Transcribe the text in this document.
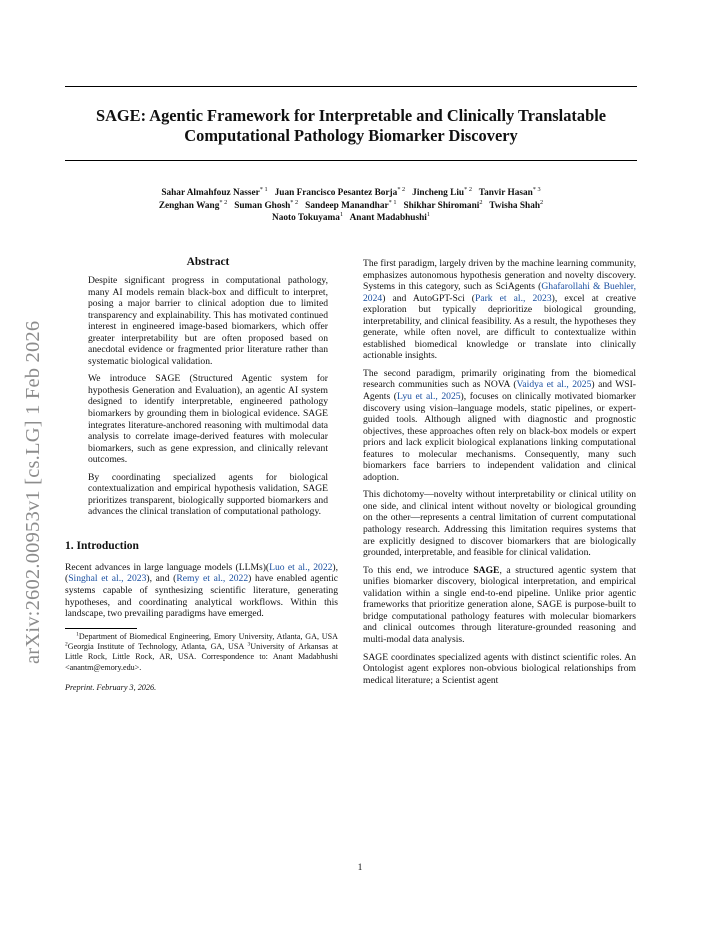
arXiv:2602.00953v1 [cs.LG] 1 Feb 2026
SAGE: Agentic Framework for Interpretable and Clinically Translatable
Computational Pathology Biomarker Discovery
Sahar Almahfouz Nasser$^{* 1}$ Juan Francisco Pesantez Borja$^{* 2}$ Jincheng Liu$^{* 2}$ Tanvir Hasan$^{* 3}$
Zenghan Wang$^{* 2}$ Suman Ghosh$^{* 2}$ Sandeep Manandhar$^{* 1}$ Shikhar Shiromani$^2$ Twisha Shah$^2$
Naoto Tokuyama$^1$ Anant Madabhushi$^1$
Abstract

Despite significant progress in computational pathology, many AI models remain black-box and difficult to interpret, posing a major barrier to clinical adoption due to limited transparency and explainability. This has motivated continued interest in engineered image-based biomarkers, which offer greater interpretability but are often proposed based on anecdotal evidence or fragmented prior literature rather than systematic biological validation.

We introduce SAGE (Structured Agentic system for hypothesis Generation and Evaluation), an agentic AI system designed to identify interpretable, engineered pathology biomarkers by grounding them in biological evidence. SAGE integrates literature-anchored reasoning with multimodal data analysis to correlate image-derived features with molecular biomarkers, such as gene expression, and clinically relevant outcomes.

By coordinating specialized agents for biological contextualization and empirical hypothesis validation, SAGE prioritizes transparent, biologically supported biomarkers and advances the clinical translation of computational pathology.

1. Introduction

Recent advances in large language models (LLMs)(Luo et al., 2022), (Singhal et al., 2023), and (Remy et al., 2022) have enabled agentic systems capable of synthesizing scientific literature, generating hypotheses, and coordinating analytical workflows. Within this landscape, two prevailing paradigms have emerged.

$^1$Department of Biomedical Engineering, Emory University, Atlanta, GA, USA $^2$Georgia Institute of Technology, Atlanta, GA, USA $^3$University of Arkansas at Little Rock, Little Rock, AR, USA. Correspondence to: Anant Madabhushi <anantm@emory.edu>.

Preprint. February 3, 2026.

The first paradigm, largely driven by the machine learning community, emphasizes autonomous hypothesis generation and novelty discovery. Systems in this category, such as SciAgents (Ghafarollahi & Buehler, 2024) and AutoGPT-Sci (Park et al., 2023), excel at creative exploration but typically deprioritize biological grounding, interpretability, and clinical feasibility. As a result, the hypotheses they generate, while often novel, are difficult to contextualize within established biomedical knowledge or translate into clinically actionable insights.

The second paradigm, primarily originating from the biomedical research communities such as NOVA (Vaidya et al., 2025) and WSI-Agents (Lyu et al., 2025), focuses on clinically motivated biomarker discovery using vision–language models, static pipelines, or expert-guided tools. Although aligned with diagnostic and prognostic objectives, these approaches often rely on black-box models or expert priors and lack explicit biological explanations linking computational features to molecular mechanisms. Consequently, many such biomarkers face barriers to independent validation and clinical adoption.

This dichotomy—novelty without interpretability or clinical utility on one side, and clinical intent without novelty or biological grounding on the other—represents a central limitation of current computational pathology research. Addressing this limitation requires systems that are explicitly designed to discover biomarkers that are biologically grounded, interpretable, and feasible for clinical validation.

To this end, we introduce SAGE, a structured agentic system that unifies biomarker discovery, biological interpretation, and empirical validation within a single end-to-end pipeline. Unlike prior agentic frameworks that prioritize generation alone, SAGE is purpose-built to bridge computational pathology features with molecular biomarkers and clinical outcomes through literature-grounded reasoning and multi-modal data analysis.

SAGE coordinates specialized agents with distinct scientific roles. An Ontologist agent explores non-obvious biological relationships from medical literature; a Scientist agent

1
